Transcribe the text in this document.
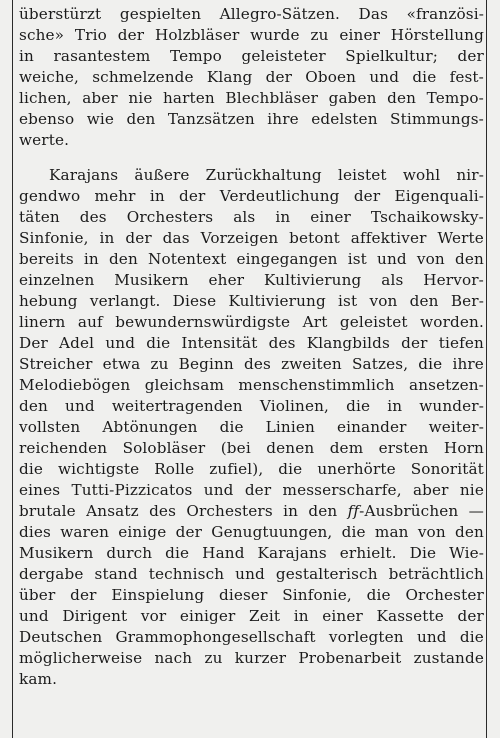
überstürzt gespielten Allegro-Sätzen. Das «französi-
sche» Trio der Holzbläser wurde zu einer Hörstellung
in rasantestem Tempo geleisteter Spielkultur; der
weiche, schmelzende Klang der Oboen und die fest-
lichen, aber nie harten Blechbläser gaben den Tempo-
ebenso wie den Tanzsätzen ihre edelsten Stimmungs-
werte.
Karajans äußere Zurückhaltung leistet wohl nir-
gendwo mehr in der Verdeutlichung der Eigenquali-
täten des Orchesters als in einer Tschaikowsky-
Sinfonie, in der das Vorzeigen betont affektiver Werte
bereits in den Notentext eingegangen ist und von den
einzelnen Musikern eher Kultivierung als Hervor-
hebung verlangt. Diese Kultivierung ist von den Ber-
linern auf bewundernswürdigste Art geleistet worden.
Der Adel und die Intensität des Klangbilds der tiefen
Streicher etwa zu Beginn des zweiten Satzes, die ihre
Melodiebögen gleichsam menschenstimmlich ansetzen-
den und weitertragenden Violinen, die in wunder-
vollsten Abtönungen die Linien einander weiter-
reichenden Solobläser (bei denen dem ersten Horn
die wichtigste Rolle zufiel), die unerhörte Sonorität
eines Tutti-Pizzicatos und der messerscharfe, aber nie
brutale Ansatz des Orchesters in den ff-Ausbrüchen —
dies waren einige der Genugtuungen, die man von den
Musikern durch die Hand Karajans erhielt. Die Wie-
dergabe stand technisch und gestalterisch beträchtlich
über der Einspielung dieser Sinfonie, die Orchester
und Dirigent vor einiger Zeit in einer Kassette der
Deutschen Grammophongesellschaft vorlegten und die
möglicherweise nach zu kurzer Probenarbeit zustande
kam.
